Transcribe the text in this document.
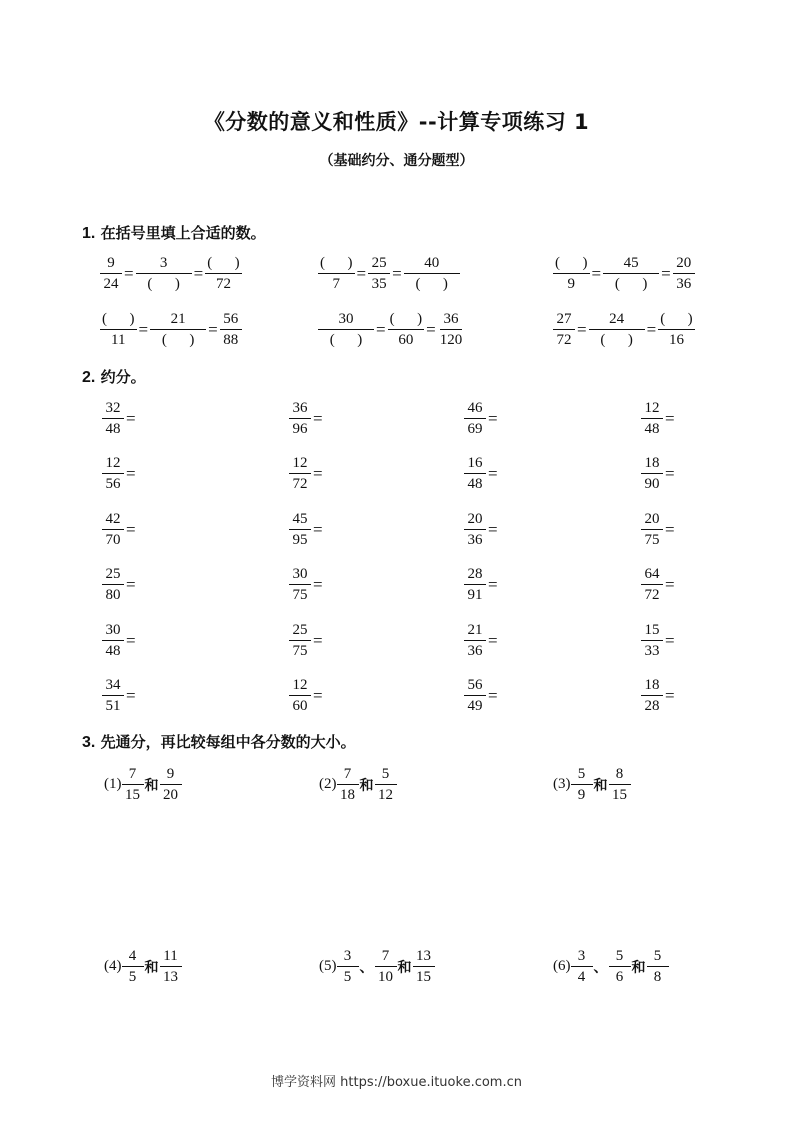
《分数的意义和性质》--计算专项练习 1
（基础约分、通分题型）
1. 在括号里填上合适的数。
$\frac{9}{24} = \frac{3}{( )} = \frac{( )}{72}$	$\frac{( )}{7} = \frac{25}{35} = \frac{40}{( )}$	$\frac{( )}{9} = \frac{45}{( )} = \frac{20}{36}$
$\frac{( )}{11} = \frac{21}{( )} = \frac{56}{88}$	$\frac{30}{( )} = \frac{( )}{60} = \frac{36}{120}$	$\frac{27}{72} = \frac{24}{( )} = \frac{( )}{16}$
2. 约分。
$\frac{32}{48}$ =	$\frac{36}{96}$ =	$\frac{46}{69}$ =	$\frac{12}{48}$ =
$\frac{12}{56}$ =	$\frac{12}{72}$ =	$\frac{16}{48}$ =	$\frac{18}{90}$ =
$\frac{42}{70}$ =	$\frac{45}{95}$ =	$\frac{20}{36}$ =	$\frac{20}{75}$ =
$\frac{25}{80}$ =	$\frac{30}{75}$ =	$\frac{28}{91}$ =	$\frac{64}{72}$ =
$\frac{30}{48}$ =	$\frac{25}{75}$ =	$\frac{21}{36}$ =	$\frac{15}{33}$ =
$\frac{34}{51}$ =	$\frac{12}{60}$ =	$\frac{56}{49}$ =	$\frac{18}{28}$ =
3. 先通分，再比较每组中各分数的大小。
$(1) \frac{7}{15}$ 和 $\frac{9}{20}$	$(2) \frac{7}{18}$ 和 $\frac{5}{12}$	$(3) \frac{5}{9}$ 和 $\frac{8}{15}$
$(4) \frac{4}{5}$ 和 $\frac{11}{13}$	$(5) \frac{3}{5}$ 、 $\frac{7}{10}$ 和 $\frac{13}{15}$	$(6) \frac{3}{4}$ 、 $\frac{5}{6}$ 和 $\frac{5}{8}$
博学资料网 https://boxue.ituoke.com.cn
